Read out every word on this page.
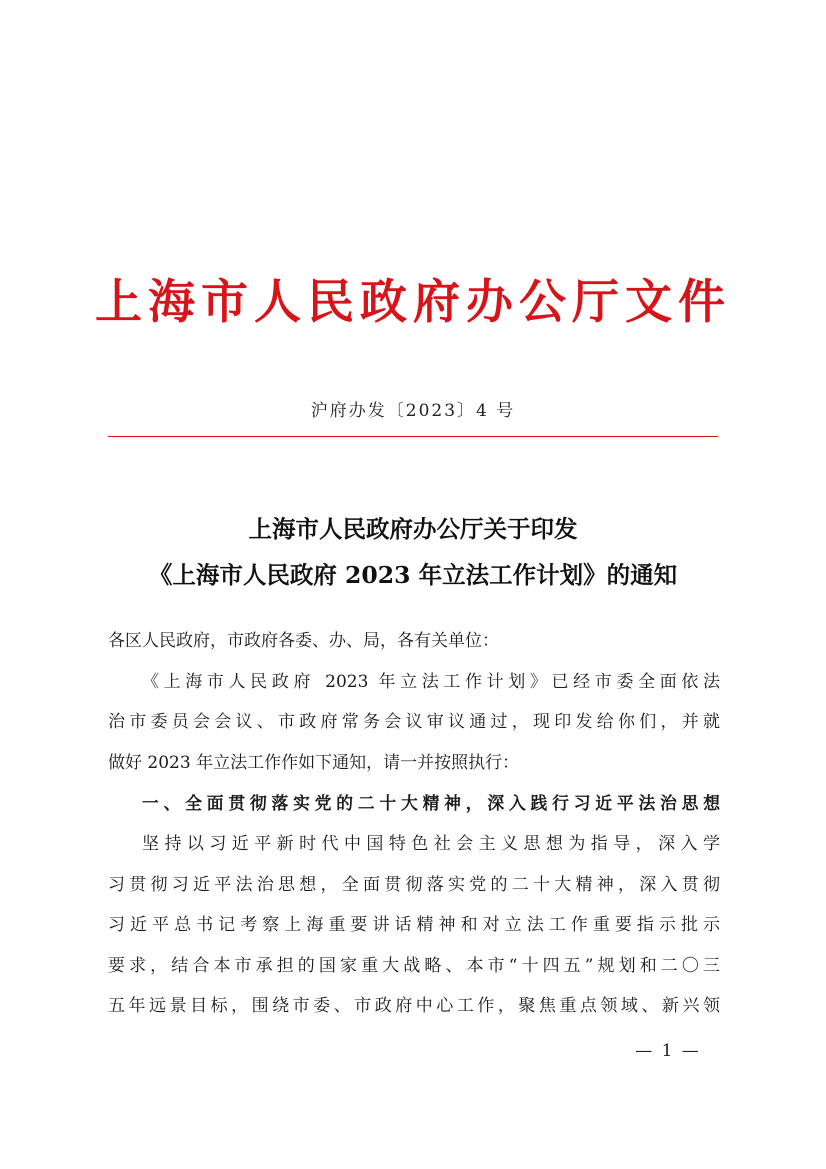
上海市人民政府办公厅文件
沪府办发〔2023〕4 号
上海市人民政府办公厅关于印发
《上海市人民政府 2023 年立法工作计划》的通知
各区人民政府，市政府各委、办、局，各有关单位：
《上海市人民政府 2023 年立法工作计划》已经市委全面依法
治市委员会会议、市政府常务会议审议通过，现印发给你们，并就
做好 2023 年立法工作作如下通知，请一并按照执行：
一、全面贯彻落实党的二十大精神，深入践行习近平法治思想
坚持以习近平新时代中国特色社会主义思想为指导，深入学
习贯彻习近平法治思想，全面贯彻落实党的二十大精神，深入贯彻
习近平总书记考察上海重要讲话精神和对立法工作重要指示批示
要求，结合本市承担的国家重大战略、本市“十四五”规划和二〇三
五年远景目标，围绕市委、市政府中心工作，聚焦重点领域、新兴领
— 1 —
